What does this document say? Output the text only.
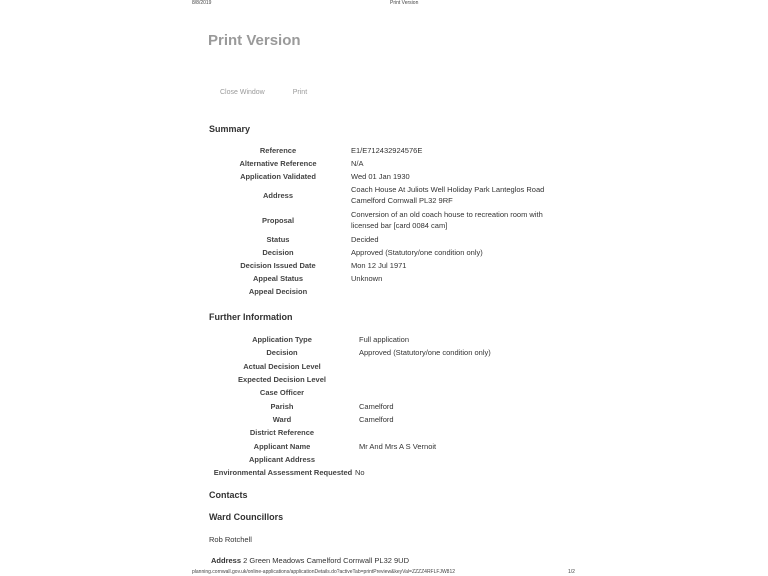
8/8/2019	Print Version
Print Version
Close Window	Print
Summary
Reference	E1/E712432924576E
Alternative Reference	N/A
Application Validated	Wed 01 Jan 1930
Address	Coach House At Juliots Well Holiday Park Lanteglos Road Camelford Cornwall PL32 9RF
Proposal	Conversion of an old coach house to recreation room with licensed bar [card 0084 cam]
Status	Decided
Decision	Approved (Statutory/one condition only)
Decision Issued Date	Mon 12 Jul 1971
Appeal Status	Unknown
Appeal Decision	
Further Information
Application Type	Full application
Decision	Approved (Statutory/one condition only)
Actual Decision Level	
Expected Decision Level	
Case Officer	
Parish	Camelford
Ward	Camelford
District Reference	
Applicant Name	Mr And Mrs A S Vernoit
Applicant Address	
Environmental Assessment Requested	No
Contacts
Ward Councillors
Rob Rotchell
Address 2 Green Meadows Camelford Cornwall PL32 9UD
planning.cornwall.gov.uk/online-applications/applicationDetails.do?activeTab=printPreview&keyVal=ZZZZ4RFLFJW812	1/2
